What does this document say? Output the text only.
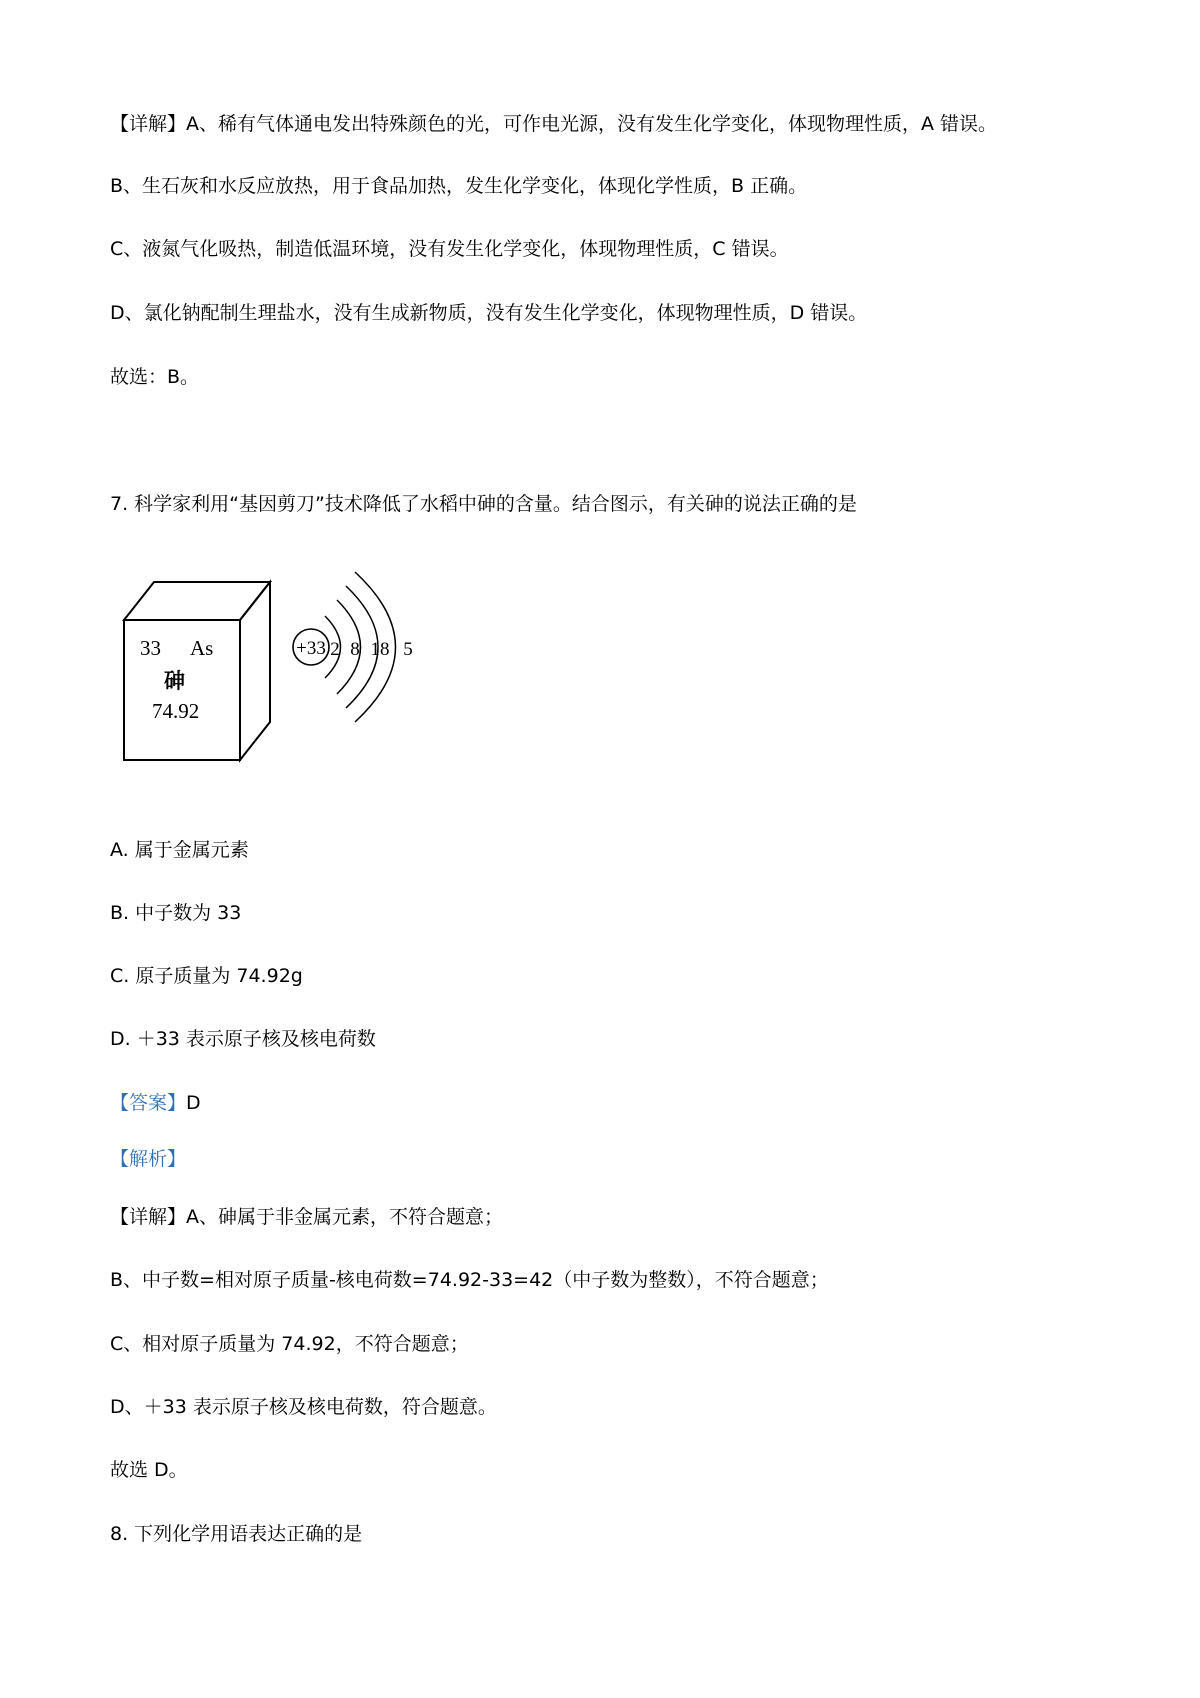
【详解】A、稀有气体通电发出特殊颜色的光，可作电光源，没有发生化学变化，体现物理性质，A 错误。
B、生石灰和水反应放热，用于食品加热，发生化学变化，体现化学性质，B 正确。
C、液氮气化吸热，制造低温环境，没有发生化学变化，体现物理性质，C 错误。
D、氯化钠配制生理盐水，没有生成新物质，没有发生化学变化，体现物理性质，D 错误。
故选：B。
7. 科学家利用“基因剪刀”技术降低了水稻中砷的含量。结合图示，有关砷的说法正确的是
33 As
砷
74.92
+33 2 8 18 5
A. 属于金属元素
B. 中子数为 33
C. 原子质量为 74.92g
D. ＋33 表示原子核及核电荷数
【答案】D
【解析】
【详解】A、砷属于非金属元素，不符合题意；
B、中子数=相对原子质量-核电荷数=74.92-33=42（中子数为整数），不符合题意；
C、相对原子质量为 74.92，不符合题意；
D、＋33 表示原子核及核电荷数，符合题意。
故选 D。
8. 下列化学用语表达正确的是
